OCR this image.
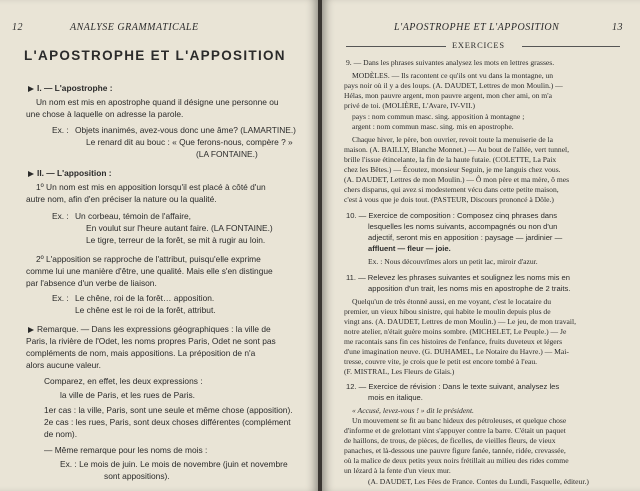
12	ANALYSE GRAMMATICALE
L'APOSTROPHE ET L'APPOSITION
I. — L'apostrophe :
Un nom est mis en apostrophe quand il désigne une personne ou
une chose à laquelle on adresse la parole.
Ex. : Objets inanimés, avez-vous donc une âme? (LAMARTINE.)
Le renard dit au bouc : « Que ferons-nous, compère ? »
(LA FONTAINE.)
II. — L'apposition :
1º Un nom est mis en apposition lorsqu'il est placé à côté d'un
autre nom, afin d'en préciser la nature ou la qualité.
Ex. : Un corbeau, témoin de l'affaire,
En voulut sur l'heure autant faire. (LA FONTAINE.)
Le tigre, terreur de la forêt, se mit à rugir au loin.
2º L'apposition se rapproche de l'attribut, puisqu'elle exprime
comme lui une manière d'être, une qualité. Mais elle s'en distingue
par l'absence d'un verbe de liaison.
Ex. : Le chêne, roi de la forêt… apposition.
Le chêne est le roi de la forêt, attribut.
Remarque. — Dans les expressions géographiques : la ville de
Paris, la rivière de l'Odet, les noms propres Paris, Odet ne sont pas
compléments de nom, mais appositions. La préposition de n'a
alors aucune valeur.
Comparez, en effet, les deux expressions :
la ville de Paris, et les rues de Paris.
1er cas : la ville, Paris, sont une seule et même chose (apposition).
2e cas : les rues, Paris, sont deux choses différentes (complément
de nom).
— Même remarque pour les noms de mois :
Ex. : Le mois de juin. Le mois de novembre (juin et novembre
sont appositions).
L'APOSTROPHE ET L'APPOSITION	13
EXERCICES
9. — Dans les phrases suivantes analysez les mots en lettres grasses.
MODÈLES. — Ils racontent ce qu'ils ont vu dans la montagne, un
pays noir où il y a des loups. (A. DAUDET, Lettres de mon Moulin.) —
Hélas, mon pauvre argent, mon pauvre argent, mon cher ami, on m'a
privé de toi. (MOLIÈRE, L'Avare, IV-VII.)
pays : nom commun masc. sing. apposition à montagne ;
argent : nom commun masc. sing. mis en apostrophe.
Chaque hiver, le père, bon ouvrier, revoit toute la menuiserie de la
maison. (A. BAILLY, Blanche Monnet.) — Au bout de l'allée, vert tunnel,
brille l'issue étincelante, la fin de la haute futaie. (COLETTE, La Paix
chez les Bêtes.) — Écoutez, monsieur Seguin, je me languis chez vous.
(A. DAUDET, Lettres de mon Moulin.) — Ô mon père et ma mère, ô mes
chers disparus, qui avez si modestement vécu dans cette petite maison,
c'est à vous que je dois tout. (PASTEUR, Discours prononcé à Dôle.)
10. — Exercice de composition : Composez cinq phrases dans
lesquelles les noms suivants, accompagnés ou non d'un
adjectif, seront mis en apposition : paysage — jardinier —
affluent — fleur — joie.
Ex. : Nous découvrîmes alors un petit lac, miroir d'azur.
11. — Relevez les phrases suivantes et soulignez les noms mis en
apposition d'un trait, les noms mis en apostrophe de 2 traits.
Quelqu'un de très étonné aussi, en me voyant, c'est le locataire du
premier, un vieux hibou sinistre, qui habite le moulin depuis plus de
vingt ans. (A. DAUDET, Lettres de mon Moulin.) — Le jeu, de mon travail,
notre atelier, n'était guère moins sombre. (MICHELET, Le Peuple.) — Je
me racontais sans fin ces histoires de l'enfance, fruits duveteux et légers
d'une imagination neuve. (G. DUHAMEL, Le Notaire du Havre.) — Mai-
tresse, couvre vite, je crois que le petit est encore tombé à l'eau.
(F. MISTRAL, Les Fleurs de Glais.)
12. — Exercice de révision : Dans le texte suivant, analysez les
mois en italique.
« Accusé, levez-vous ! » dit le président.
Un mouvement se fit au banc hideux des pétroleuses, et quelque chose
d'informe et de grelottant vint s'appuyer contre la barre. C'était un paquet
de haillons, de trous, de pièces, de ficelles, de vieilles fleurs, de vieux
panaches, et là-dessous une pauvre figure fanée, tannée, ridée, crevassée,
où la malice de deux petits yeux noirs frétillait au milieu des rides comme
un lézard à la fente d'un vieux mur.
(A. DAUDET, Les Fées de France. Contes du Lundi, Fasquelle, éditeur.)
